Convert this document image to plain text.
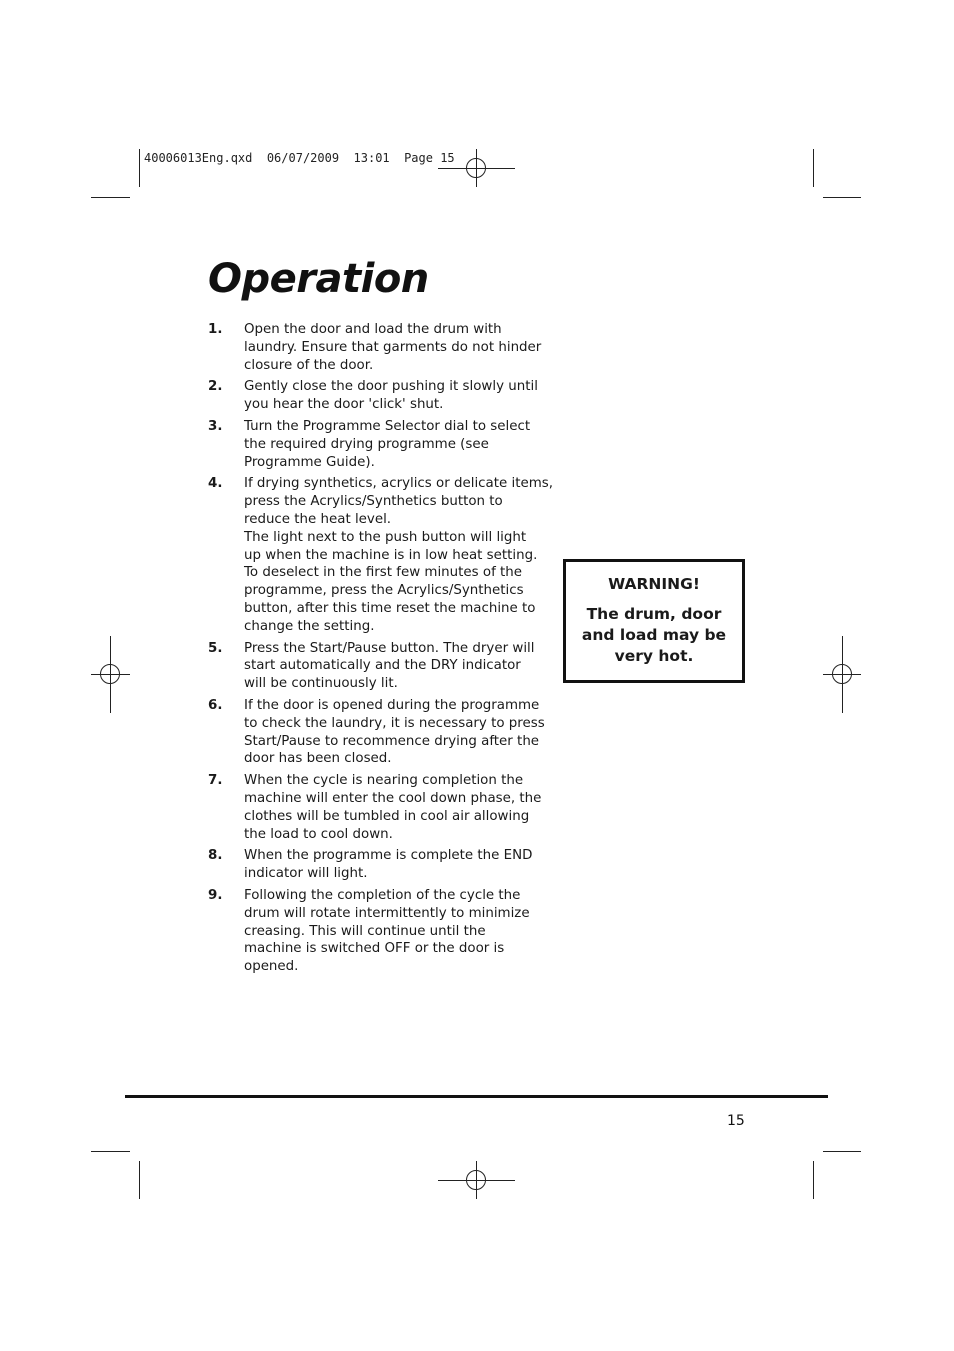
40006013Eng.qxd  06/07/2009  13:01  Page 15
Operation
1.	Open the door and load the drum with
laundry. Ensure that garments do not hinder
closure of the door.
2.	Gently close the door pushing it slowly until
you hear the door 'click' shut.
3.	Turn the Programme Selector dial to select
the required drying programme (see
Programme Guide).
4.	If drying synthetics, acrylics or delicate items,
press the Acrylics/Synthetics button to
reduce the heat level.
The light next to the push button will light
up when the machine is in low heat setting.
To deselect in the first few minutes of the
programme, press the Acrylics/Synthetics
button, after this time reset the machine to
change the setting.
5.	Press the Start/Pause button. The dryer will
start automatically and the DRY indicator
will be continuously lit.
6.	If the door is opened during the programme
to check the laundry, it is necessary to press
Start/Pause to recommence drying after the
door has been closed.
7.	When the cycle is nearing completion the
machine will enter the cool down phase, the
clothes will be tumbled in cool air allowing
the load to cool down.
8.	When the programme is complete the END
indicator will light.
9.	Following the completion of the cycle the
drum will rotate intermittently to minimize
creasing. This will continue until the
machine is switched OFF or the door is
opened.
WARNING!
The drum, door
and load may be
very hot.
15
